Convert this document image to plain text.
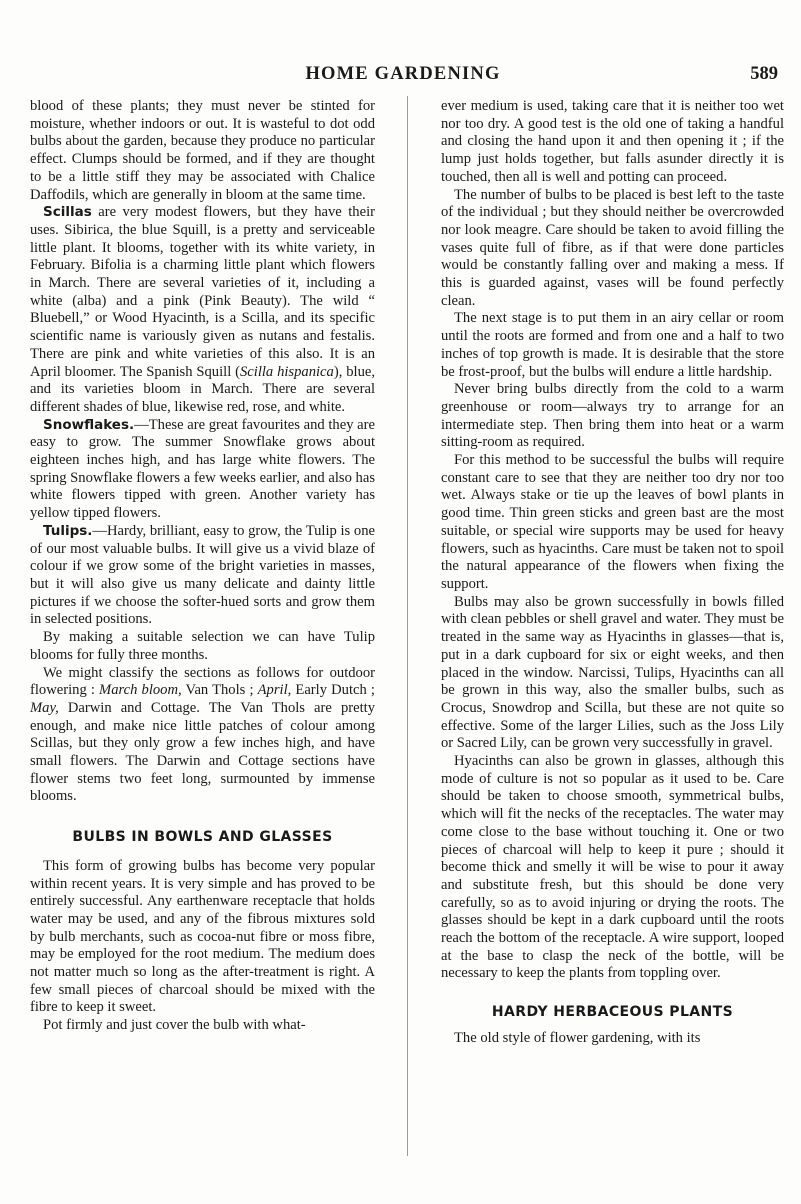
HOME GARDENING	589

blood of these plants; they must never be stinted for moisture, whether indoors or out. It is wasteful to dot odd bulbs about the garden, because they produce no particular effect. Clumps should be formed, and if they are thought to be a little stiff they may be associated with Chalice Daffodils, which are generally in bloom at the same time.

Scillas are very modest flowers, but they have their uses. Sibirica, the blue Squill, is a pretty and serviceable little plant. It blooms, together with its white variety, in February. Bifolia is a charming little plant which flowers in March. There are several varieties of it, including a white (alba) and a pink (Pink Beauty). The wild “ Bluebell,” or Wood Hyacinth, is a Scilla, and its specific scientific name is variously given as nutans and festalis. There are pink and white varieties of this also. It is an April bloomer. The Spanish Squill (Scilla hispanica), blue, and its varieties bloom in March. There are several different shades of blue, likewise red, rose, and white.

Snowflakes.—These are great favourites and they are easy to grow. The summer Snowflake grows about eighteen inches high, and has large white flowers. The spring Snowflake flowers a few weeks earlier, and also has white flowers tipped with green. Another variety has yellow tipped flowers.

Tulips.—Hardy, brilliant, easy to grow, the Tulip is one of our most valuable bulbs. It will give us a vivid blaze of colour if we grow some of the bright varieties in masses, but it will also give us many delicate and dainty little pictures if we choose the softer-hued sorts and grow them in selected positions.

By making a suitable selection we can have Tulip blooms for fully three months.

We might classify the sections as follows for outdoor flowering : March bloom, Van Thols ; April, Early Dutch ; May, Darwin and Cottage. The Van Thols are pretty enough, and make nice little patches of colour among Scillas, but they only grow a few inches high, and have small flowers. The Darwin and Cottage sections have flower stems two feet long, surmounted by immense blooms.

BULBS IN BOWLS AND GLASSES

This form of growing bulbs has become very popular within recent years. It is very simple and has proved to be entirely successful. Any earthenware receptacle that holds water may be used, and any of the fibrous mixtures sold by bulb merchants, such as cocoa-nut fibre or moss fibre, may be employed for the root medium. The medium does not matter much so long as the after-treatment is right. A few small pieces of charcoal should be mixed with the fibre to keep it sweet.

Pot firmly and just cover the bulb with what-

ever medium is used, taking care that it is neither too wet nor too dry. A good test is the old one of taking a handful and closing the hand upon it and then opening it ; if the lump just holds together, but falls asunder directly it is touched, then all is well and potting can proceed.

The number of bulbs to be placed is best left to the taste of the individual ; but they should neither be overcrowded nor look meagre. Care should be taken to avoid filling the vases quite full of fibre, as if that were done particles would be constantly falling over and making a mess. If this is guarded against, vases will be found perfectly clean.

The next stage is to put them in an airy cellar or room until the roots are formed and from one and a half to two inches of top growth is made. It is desirable that the store be frost-proof, but the bulbs will endure a little hardship.

Never bring bulbs directly from the cold to a warm greenhouse or room—always try to arrange for an intermediate step. Then bring them into heat or a warm sitting-room as required.

For this method to be successful the bulbs will require constant care to see that they are neither too dry nor too wet. Always stake or tie up the leaves of bowl plants in good time. Thin green sticks and green bast are the most suitable, or special wire supports may be used for heavy flowers, such as hyacinths. Care must be taken not to spoil the natural appearance of the flowers when fixing the support.

Bulbs may also be grown successfully in bowls filled with clean pebbles or shell gravel and water. They must be treated in the same way as Hyacinths in glasses—that is, put in a dark cupboard for six or eight weeks, and then placed in the window. Narcissi, Tulips, Hyacinths can all be grown in this way, also the smaller bulbs, such as Crocus, Snowdrop and Scilla, but these are not quite so effective. Some of the larger Lilies, such as the Joss Lily or Sacred Lily, can be grown very successfully in gravel.

Hyacinths can also be grown in glasses, although this mode of culture is not so popular as it used to be. Care should be taken to choose smooth, symmetrical bulbs, which will fit the necks of the receptacles. The water may come close to the base without touching it. One or two pieces of charcoal will help to keep it pure ; should it become thick and smelly it will be wise to pour it away and substitute fresh, but this should be done very carefully, so as to avoid injuring or drying the roots. The glasses should be kept in a dark cupboard until the roots reach the bottom of the receptacle. A wire support, looped at the base to clasp the neck of the bottle, will be necessary to keep the plants from toppling over.

HARDY HERBACEOUS PLANTS

The old style of flower gardening, with its
